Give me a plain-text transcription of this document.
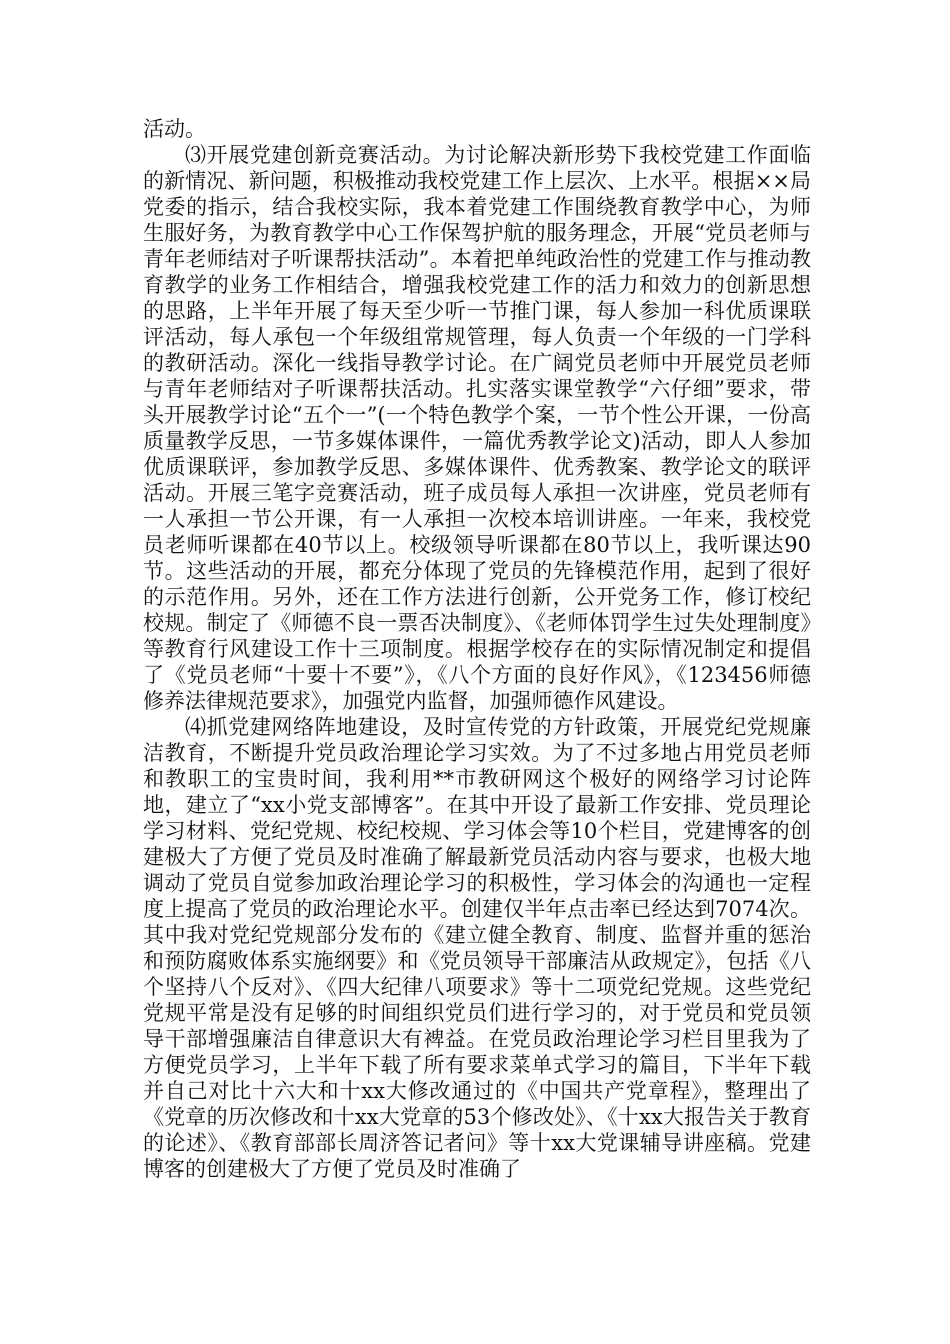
活动。

⑶开展党建创新竞赛活动。为讨论解决新形势下我校党建工作面临的新情况、新问题，积极推动我校党建工作上层次、上水平。根据××局党委的指示，结合我校实际，我本着党建工作围绕教育教学中心，为师生服好务，为教育教学中心工作保驾护航的服务理念，开展“党员老师与青年老师结对子听课帮扶活动”。本着把单纯政治性的党建工作与推动教育教学的业务工作相结合，增强我校党建工作的活力和效力的创新思想的思路，上半年开展了每天至少听一节推门课，每人参加一科优质课联评活动，每人承包一个年级组常规管理，每人负责一个年级的一门学科的教研活动。深化一线指导教学讨论。在广阔党员老师中开展党员老师与青年老师结对子听课帮扶活动。扎实落实课堂教学“六仔细”要求，带头开展教学讨论“五个一”(一个特色教学个案，一节个性公开课，一份高质量教学反思，一节多媒体课件，一篇优秀教学论文)活动，即人人参加优质课联评，参加教学反思、多媒体课件、优秀教案、教学论文的联评活动。开展三笔字竞赛活动，班子成员每人承担一次讲座，党员老师有一人承担一节公开课，有一人承担一次校本培训讲座。一年来，我校党员老师听课都在40节以上。校级领导听课都在80节以上，我听课达90节。这些活动的开展，都充分体现了党员的先锋模范作用，起到了很好的示范作用。另外，还在工作方法进行创新，公开党务工作，修订校纪校规。制定了《师德不良一票否决制度》、《老师体罚学生过失处理制度》等教育行风建设工作十三项制度。根据学校存在的实际情况制定和提倡了《党员老师“十要十不要”》，《八个方面的良好作风》，《123456师德修养法律规范要求》，加强党内监督，加强师德作风建设。

⑷抓党建网络阵地建设，及时宣传党的方针政策，开展党纪党规廉洁教育，不断提升党员政治理论学习实效。为了不过多地占用党员老师和教职工的宝贵时间，我利用**市教研网这个极好的网络学习讨论阵地，建立了“xx小党支部博客”。在其中开设了最新工作安排、党员理论学习材料、党纪党规、校纪校规、学习体会等10个栏目，党建博客的创建极大了方便了党员及时准确了解最新党员活动内容与要求，也极大地调动了党员自觉参加政治理论学习的积极性，学习体会的沟通也一定程度上提高了党员的政治理论水平。创建仅半年点击率已经达到7074次。其中我对党纪党规部分发布的《建立健全教育、制度、监督并重的惩治和预防腐败体系实施纲要》和《党员领导干部廉洁从政规定》，包括《八个坚持八个反对》、《四大纪律八项要求》等十二项党纪党规。这些党纪党规平常是没有足够的时间组织党员们进行学习的，对于党员和党员领导干部增强廉洁自律意识大有裨益。在党员政治理论学习栏目里我为了方便党员学习，上半年下载了所有要求菜单式学习的篇目，下半年下载并自己对比十六大和十xx大修改通过的《中国共产党章程》，整理出了《党章的历次修改和十xx大党章的53个修改处》、《十xx大报告关于教育的论述》、《教育部部长周济答记者问》等十xx大党课辅导讲座稿。党建博客的创建极大了方便了党员及时准确了
